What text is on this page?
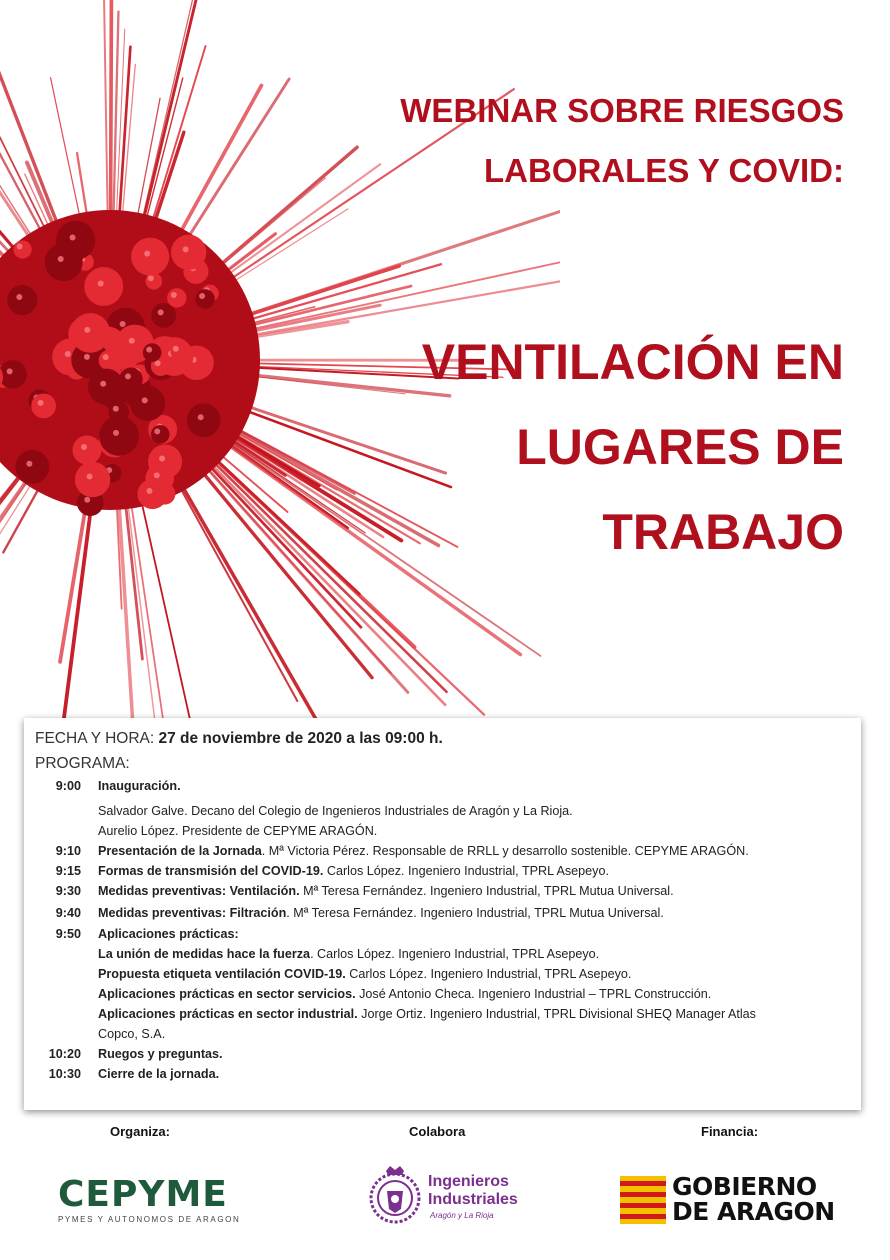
WEBINAR SOBRE RIESGOS
LABORALES Y COVID:
VENTILACIÓN EN
LUGARES DE
TRABAJO
FECHA Y HORA: 27 de noviembre de 2020 a las 09:00 h.
PROGRAMA:
9:00 Inauguración.
Salvador Galve. Decano del Colegio de Ingenieros Industriales de Aragón y La Rioja.
Aurelio López. Presidente de CEPYME ARAGÓN.
9:10 Presentación de la Jornada. Mª Victoria Pérez. Responsable de RRLL y desarrollo sostenible. CEPYME ARAGÓN.
9:15 Formas de transmisión del COVID-19. Carlos López. Ingeniero Industrial, TPRL Asepeyo.
9:30 Medidas preventivas: Ventilación. Mª Teresa Fernández. Ingeniero Industrial, TPRL Mutua Universal.
9:40 Medidas preventivas: Filtración. Mª Teresa Fernández. Ingeniero Industrial, TPRL Mutua Universal.
9:50 Aplicaciones prácticas:
La unión de medidas hace la fuerza. Carlos López. Ingeniero Industrial, TPRL Asepeyo.
Propuesta etiqueta ventilación COVID-19. Carlos López. Ingeniero Industrial, TPRL Asepeyo.
Aplicaciones prácticas en sector servicios. José Antonio Checa. Ingeniero Industrial – TPRL Construcción.
Aplicaciones prácticas en sector industrial. Jorge Ortiz. Ingeniero Industrial, TPRL Divisional SHEQ Manager Atlas
Copco, S.A.
10:20 Ruegos y preguntas.
10:30 Cierre de la jornada.
Organiza:	Colabora	Financia:
CEPYME
PYMES Y AUTONOMOS DE ARAGON
Ingenieros
Industriales
Aragón y La Rioja
GOBIERNO
DE ARAGON
